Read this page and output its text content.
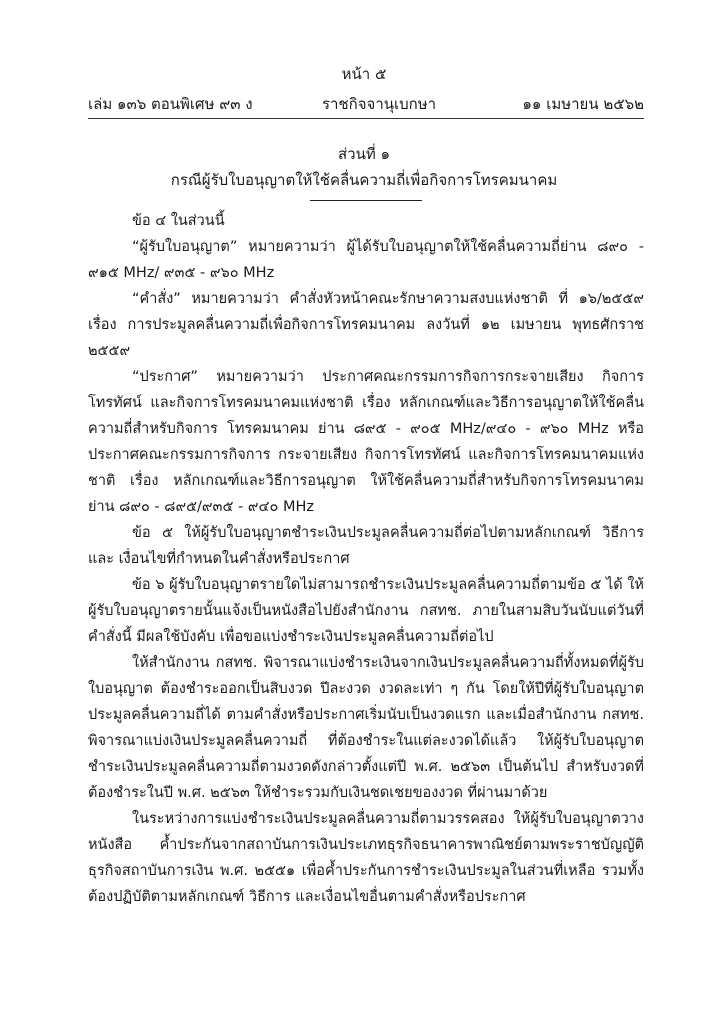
หน้า ๕
เล่ม ๑๓๖ ตอนพิเศษ ๙๓ ง	ราชกิจจานุเบกษา	๑๑ เมษายน ๒๕๖๒
ส่วนที่ ๑
กรณีผู้รับใบอนุญาตให้ใช้คลื่นความถี่เพื่อกิจการโทรคมนาคม

ข้อ ๔ ในส่วนนี้

“ผู้รับใบอนุญาต” หมายความว่า ผู้ได้รับใบอนุญาตให้ใช้คลื่นความถี่ย่าน ๘๙๐ - ๙๑๕ MHz/ ๙๓๕ - ๙๖๐ MHz

“คำสั่ง” หมายความว่า คำสั่งหัวหน้าคณะรักษาความสงบแห่งชาติ ที่ ๑๖/๒๕๕๙ เรื่อง การประมูลคลื่นความถี่เพื่อกิจการโทรคมนาคม ลงวันที่ ๑๒ เมษายน พุทธศักราช ๒๕๕๙

“ประกาศ” หมายความว่า ประกาศคณะกรรมการกิจการกระจายเสียง กิจการโทรทัศน์ และกิจการโทรคมนาคมแห่งชาติ เรื่อง หลักเกณฑ์และวิธีการอนุญาตให้ใช้คลื่นความถี่สำหรับกิจการ โทรคมนาคม ย่าน ๘๙๕ - ๙๐๕ MHz/๙๔๐ - ๙๖๐ MHz หรือประกาศคณะกรรมการกิจการ กระจายเสียง กิจการโทรทัศน์ และกิจการโทรคมนาคมแห่งชาติ เรื่อง หลักเกณฑ์และวิธีการอนุญาต ให้ใช้คลื่นความถี่สำหรับกิจการโทรคมนาคม ย่าน ๘๙๐ - ๘๙๕/๙๓๕ - ๙๔๐ MHz

ข้อ ๕ ให้ผู้รับใบอนุญาตชำระเงินประมูลคลื่นความถี่ต่อไปตามหลักเกณฑ์ วิธีการ และ เงื่อนไขที่กำหนดในคำสั่งหรือประกาศ

ข้อ ๖ ผู้รับใบอนุญาตรายใดไม่สามารถชำระเงินประมูลคลื่นความถี่ตามข้อ ๕ ได้ ให้ผู้รับใบอนุญาตรายนั้นแจ้งเป็นหนังสือไปยังสำนักงาน กสทช. ภายในสามสิบวันนับแต่วันที่คำสั่งนี้ มีผลใช้บังคับ เพื่อขอแบ่งชำระเงินประมูลคลื่นความถี่ต่อไป

ให้สำนักงาน กสทช. พิจารณาแบ่งชำระเงินจากเงินประมูลคลื่นความถี่ทั้งหมดที่ผู้รับใบอนุญาต ต้องชำระออกเป็นสิบงวด ปีละงวด งวดละเท่า ๆ กัน โดยให้ปีที่ผู้รับใบอนุญาตประมูลคลื่นความถี่ได้ ตามคำสั่งหรือประกาศเริ่มนับเป็นงวดแรก และเมื่อสำนักงาน กสทช. พิจารณาแบ่งเงินประมูลคลื่นความถี่ ที่ต้องชำระในแต่ละงวดได้แล้ว ให้ผู้รับใบอนุญาตชำระเงินประมูลคลื่นความถี่ตามงวดดังกล่าวตั้งแต่ปี พ.ศ. ๒๕๖๓ เป็นต้นไป สำหรับงวดที่ต้องชำระในปี พ.ศ. ๒๕๖๓ ให้ชำระรวมกับเงินชดเชยของงวด ที่ผ่านมาด้วย

ในระหว่างการแบ่งชำระเงินประมูลคลื่นความถี่ตามวรรคสอง ให้ผู้รับใบอนุญาตวางหนังสือ ค้ำประกันจากสถาบันการเงินประเภทธุรกิจธนาคารพาณิชย์ตามพระราชบัญญัติธุรกิจสถาบันการเงิน พ.ศ. ๒๕๕๑ เพื่อค้ำประกันการชำระเงินประมูลในส่วนที่เหลือ รวมทั้งต้องปฏิบัติตามหลักเกณฑ์ วิธีการ และเงื่อนไขอื่นตามคำสั่งหรือประกาศ
